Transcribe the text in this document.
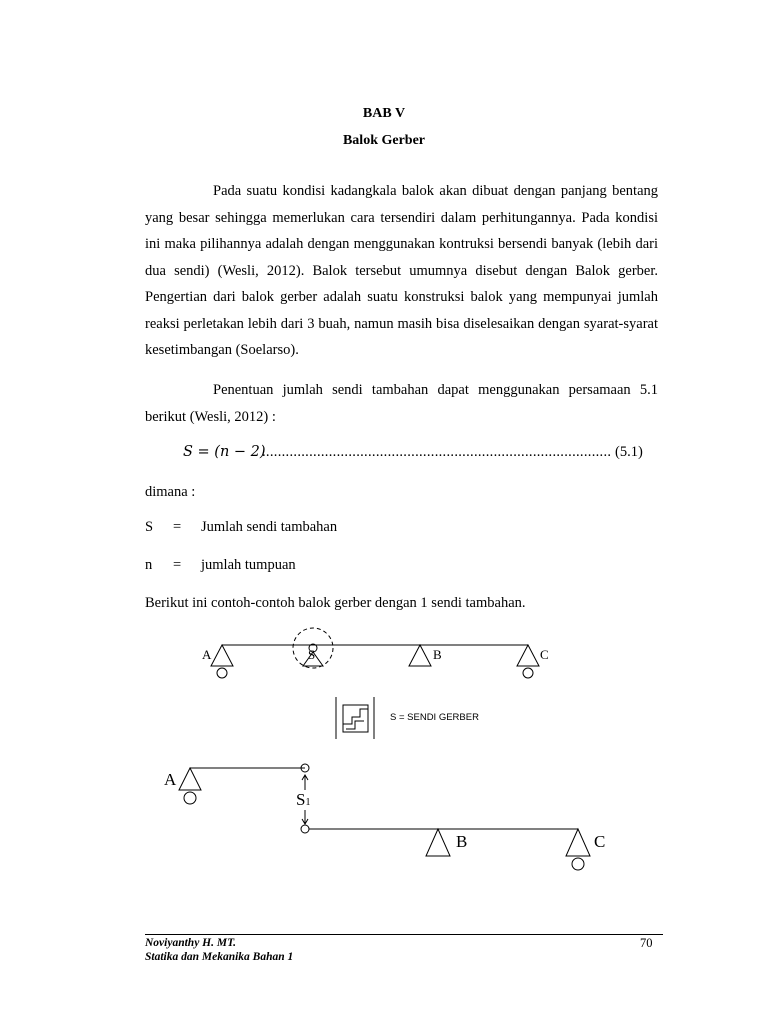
BAB V
Balok Gerber

Pada suatu kondisi kadangkala balok akan dibuat dengan panjang bentang yang besar sehingga memerlukan cara tersendiri dalam perhitungannya. Pada kondisi ini maka pilihannya adalah dengan menggunakan kontruksi bersendi banyak (lebih dari dua sendi) (Wesli, 2012). Balok tersebut umumnya disebut dengan Balok gerber. Pengertian dari balok gerber adalah suatu konstruksi balok yang mempunyai jumlah reaksi perletakan lebih dari 3 buah, namun masih bisa diselesaikan dengan syarat-syarat kesetimbangan (Soelarso).

Penentuan jumlah sendi tambahan dapat menggunakan persamaan 5.1 berikut (Wesli, 2012) :

S = (n − 2)
......................................................................................... (5.1)
dimana :
S = Jumlah sendi tambahan
n = jumlah tumpuan
Berikut ini contoh-contoh balok gerber dengan 1 sendi tambahan.
A	S	B	C
S = SENDI GERBER
A
S1
B	C
Noviyanthy H. MT.
Statika dan Mekanika Bahan 1
70
